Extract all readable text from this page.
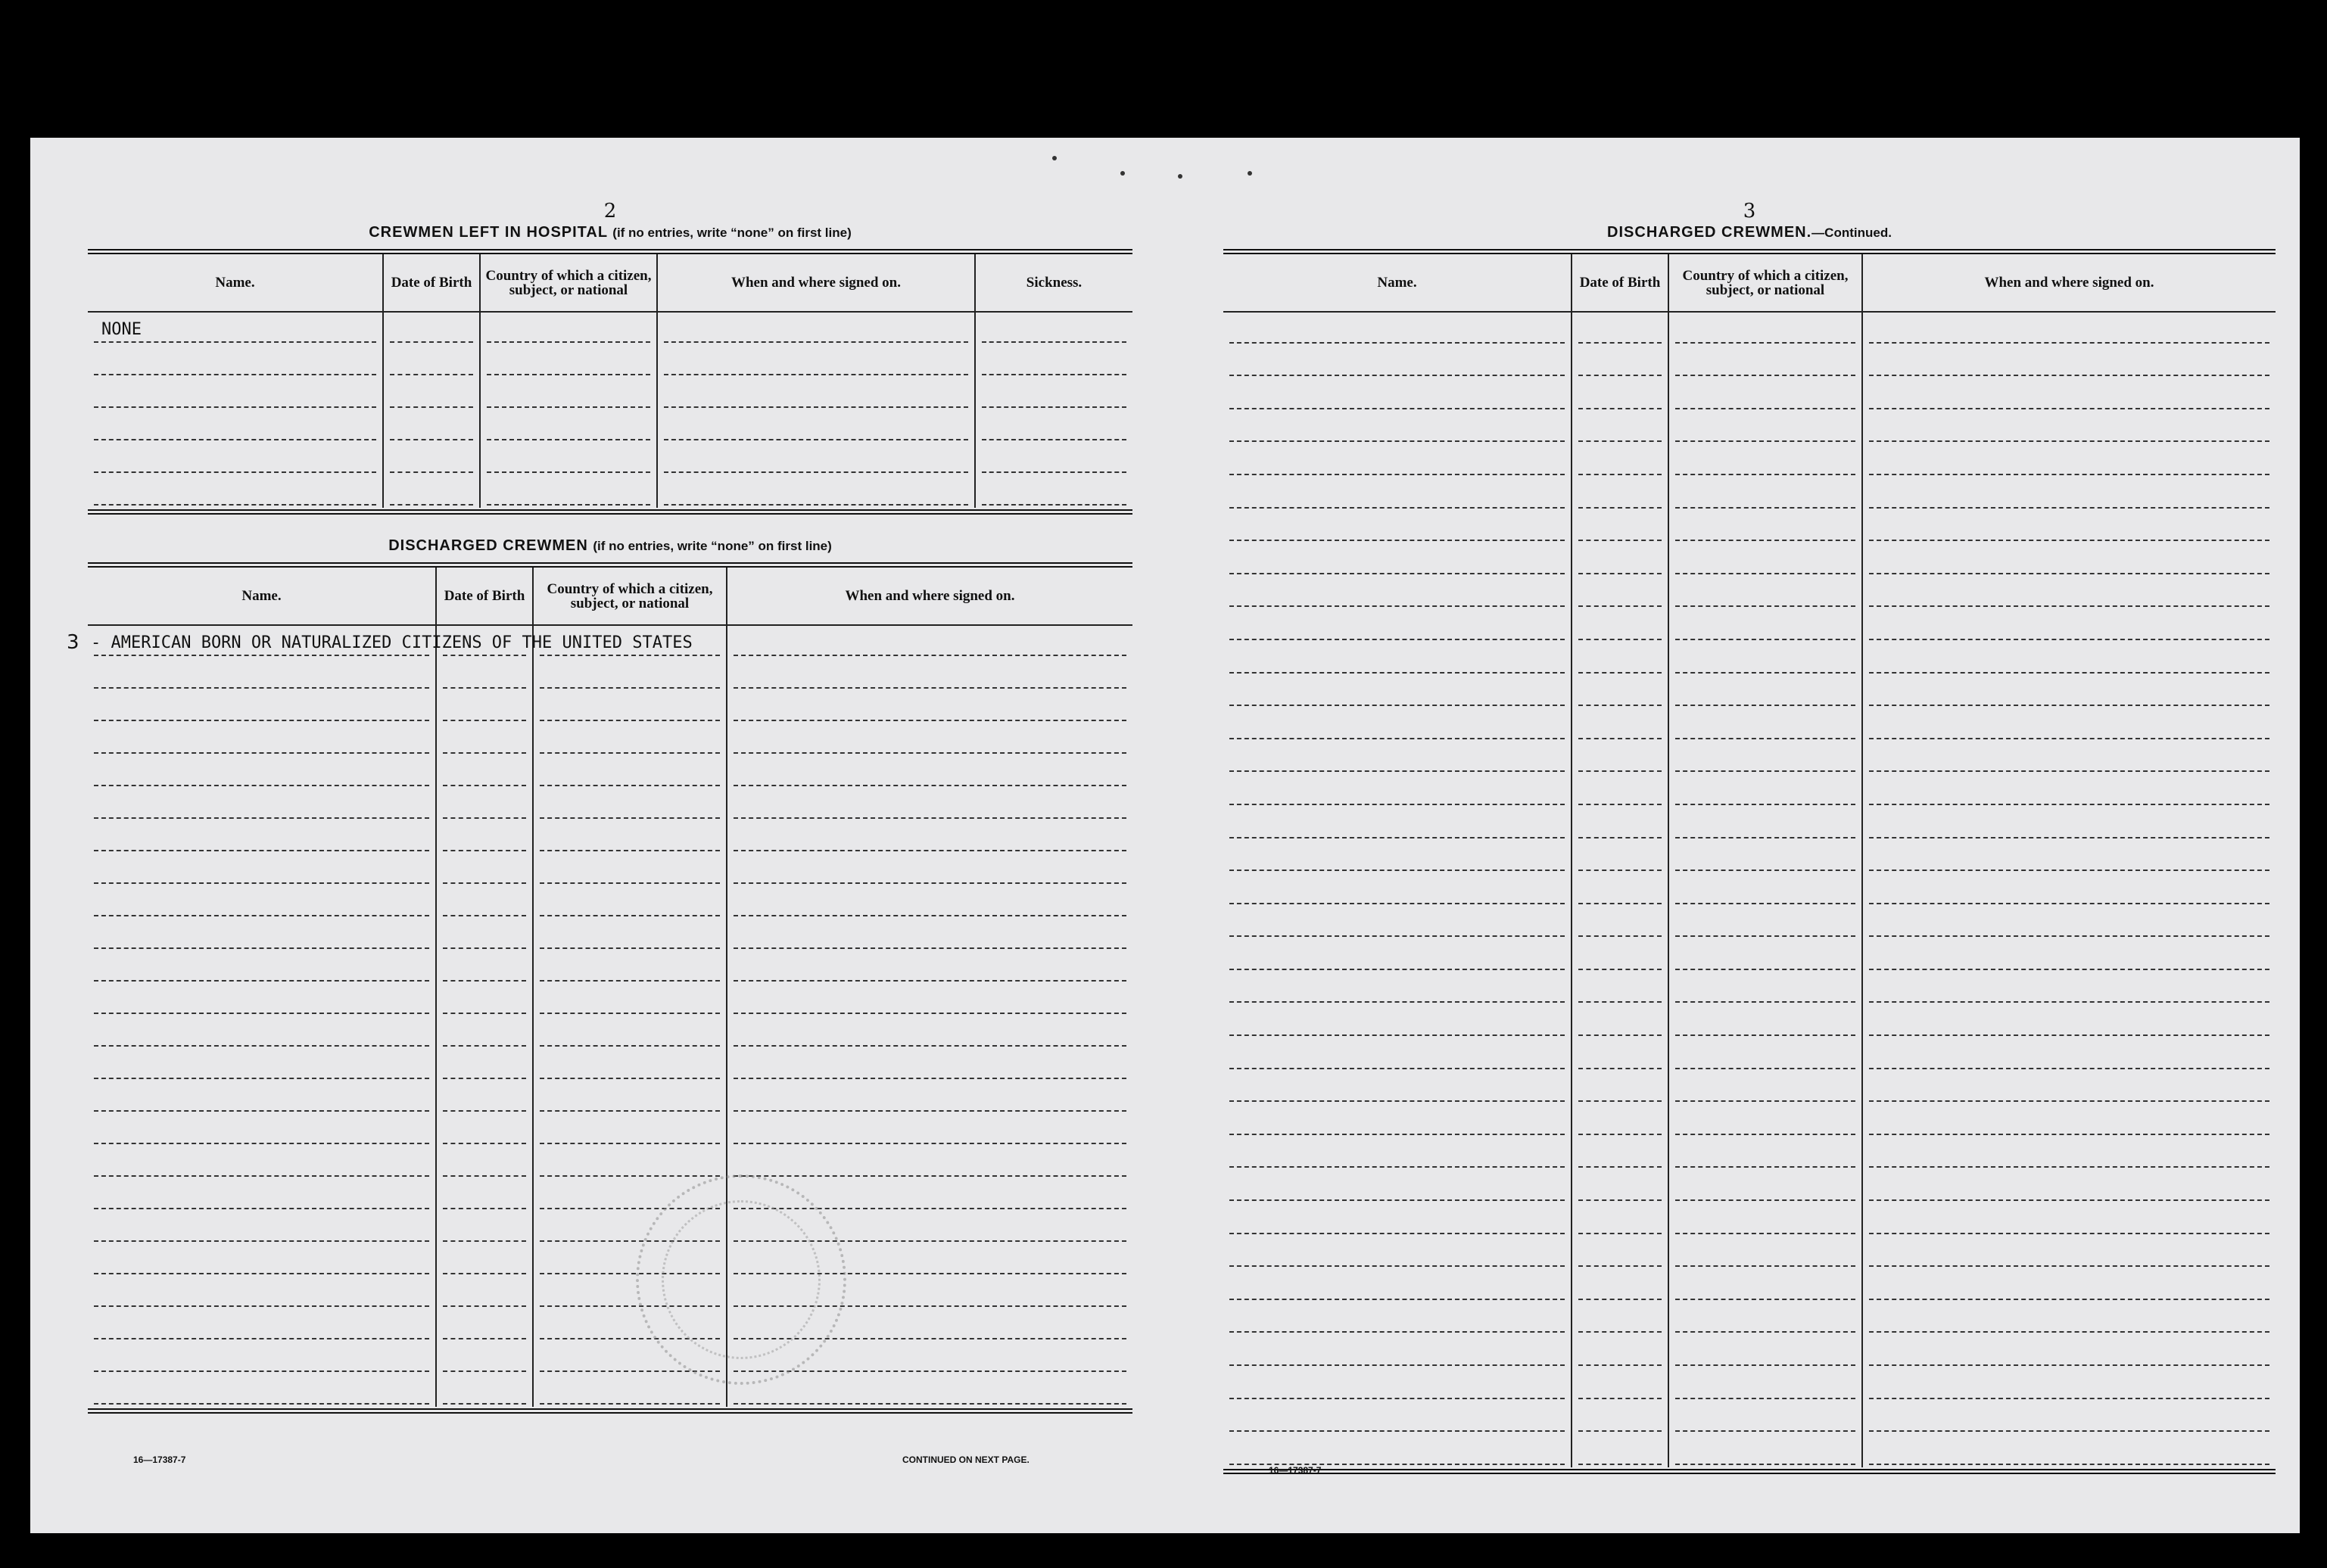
2
CREWMEN LEFT IN HOSPITAL (if no entries, write “none” on first line)
Name.	Date of Birth	Country of which a citizen, subject, or national	When and where signed on.	Sickness.

NONE				

DISCHARGED CREWMEN (if no entries, write “none” on first line)
Name.	Date of Birth	Country of which a citizen, subject, or national	When and where signed on.

3 - AMERICAN BORN OR NATURALIZED CITIZENS OF THE UNITED STATES			

16—17387-7	CONTINUED ON NEXT PAGE.
3
DISCHARGED CREWMEN.—Continued.
Name.	Date of Birth	Country of which a citizen, subject, or national	When and where signed on.

16—17387-7
